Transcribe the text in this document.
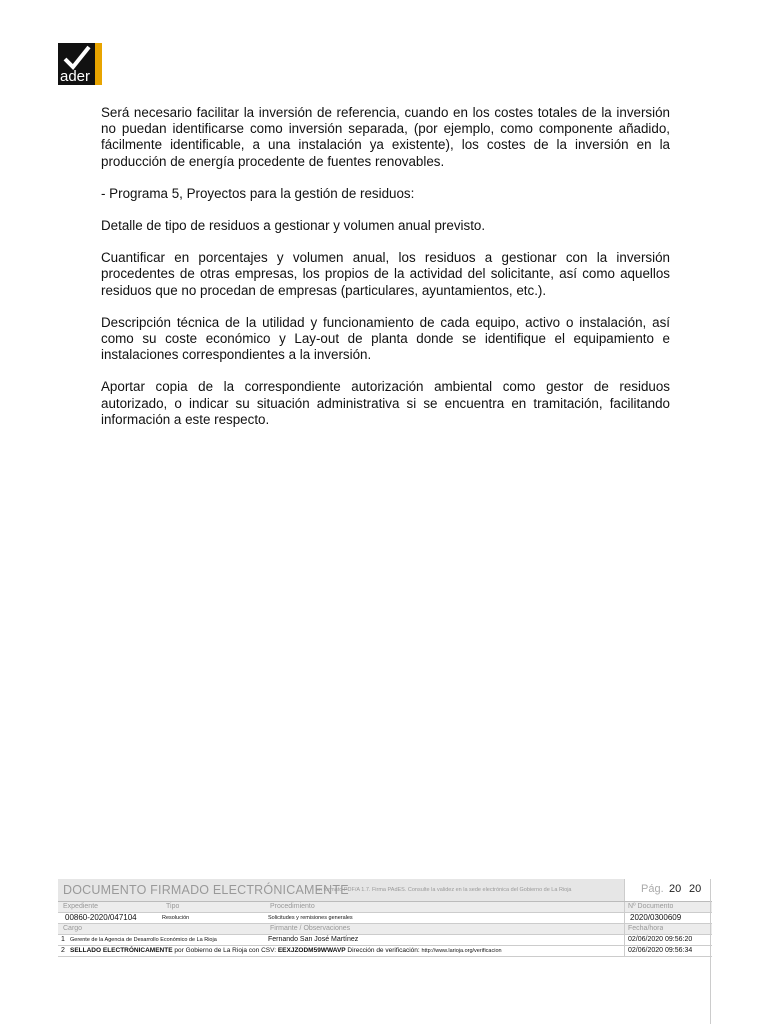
ader

Será necesario facilitar la inversión de referencia, cuando en los costes totales de la inversión no puedan identificarse como inversión separada, (por ejemplo, como componente añadido, fácilmente identificable, a una instalación ya existente), los costes de la inversión en la producción de energía procedente de fuentes renovables.

- Programa 5, Proyectos para la gestión de residuos:

Detalle de tipo de residuos a gestionar y volumen anual previsto.

Cuantificar en porcentajes y volumen anual, los residuos a gestionar con la inversión procedentes de otras empresas, los propios de la actividad del solicitante, así como aquellos residuos que no procedan de empresas (particulares, ayuntamientos, etc.).

Descripción técnica de la utilidad y funcionamiento de cada equipo, activo o instalación, así como su coste económico y Lay-out de planta donde se identifique el equipamiento e instalaciones correspondientes a la inversión.

Aportar copia de la correspondiente autorización ambiental como gestor de residuos autorizado, o indicar su situación administrativa si se encuentra en tramitación, facilitando información a este respecto.

DOCUMENTO FIRMADO ELECTRÓNICAMENTE
en formato PDF/A 1.7. Firma PAdES. Consulte la validez en la sede electrónica del Gobierno de La Rioja	Pág. 20 20
Expediente	Tipo	Procedimiento	Nº Documento
00860-2020/047104	Resolución	Solicitudes y remisiones generales	2020/0300609
Cargo	Firmante / Observaciones	Fecha/hora
1 Gerente de la Agencia de Desarrollo Económico de La Rioja	Fernando San José Martínez	02/06/2020 09:56:20
2 SELLADO ELECTRÓNICAMENTE por Gobierno de La Rioja con CSV: EEXJZODM59WWAVP Dirección de verificación: http://www.larioja.org/verificacion	02/06/2020 09:56:34
